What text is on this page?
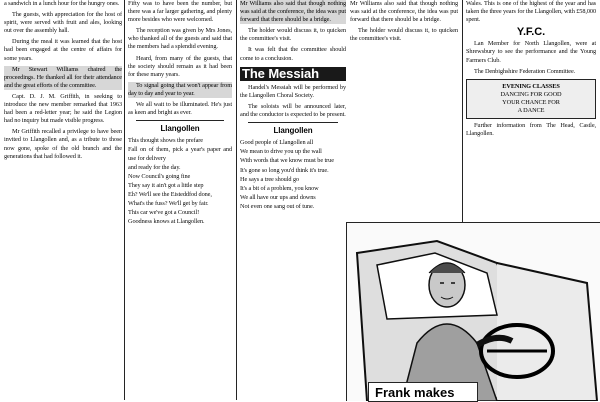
a sandwich in a lunch hour for the hungry ones.

The guests, with appreciation for the host of spirit, were served with fruit and ales, looking out over the assembly hall.

During the meal it was learned that the host had been engaged at the centre of affairs for some years.

Mr Stewart Williams chaired the proceedings. He thanked all for their attendance and the great efforts of the committee.

Capt. D. J. M. Griffith, in seeking to introduce the new member remarked that 1963 had been a red-letter year; he said the Legion had no inquiry but made visible progress.

Mr Griffith recalled a privilege to have been invited to Llangollen and, as a tribute to those now gone, spoke of the old branch and the generations that had followed it.

Fifty was to have been the number, but there was a far larger gathering, and plenty more besides who were welcomed.

The reception was given by Mrs Jones, who thanked all of the guests and said that the members had a splendid evening.

Heard, from many of the guests, that the society should remain as it had been for these many years.

To signal going that won't appear from day to day and year to year.

We all wait to be illuminated. He's just as keen and bright as ever.

Llangollen

This thought shows the prefare

Fall on of them, pick a year's paper and use for delivery

and ready for the day.

Now Council's going fine

They say it ain't got a little step

Eh? We'll see the Eisteddfod done,

What's the fuss? We'll get by fair.

This car we've got a Council!

Goodness knows at Llangollen.

Mr Williams also said that though nothing was said at the conference, the idea was put forward that there should be a bridge.

The holder would discuss it, to quicken the committee's visit.

It was felt that the committee should come to a conclusion.

The Messiah

Handel's Messiah will be performed by the Llangollen Choral Society.

The soloists will be announced later, and the conductor is expected to be present.

Llangollen

Good people of Llangollen all

We mean to drive you up the wall

With words that we know must be true

It's gone so long you'd think it's true.

He says a tree should go

It's a bit of a problem, you know

We all have our ups and downs

Not even one sang out of tune.

Mr Williams also said that though nothing was said at the conference, the idea was put forward that there should be a bridge.

The holder would discuss it, to quicken the committee's visit.

Wales. This is one of the highest of the year and has taken the three years for the Llangollen, with £58,000 spent.

Y.F.C.

Lan Member for North Llangollen, were at Shrewsbury to see the performance and the Young Farmers Club.

The Denbighshire Federation Committee.

EVENING CLASSES
DANCING FOR GOOD
YOUR CHANCE FOR
A DANCE

Further information from The Head, Castle, Llangollen.

Frank makes
